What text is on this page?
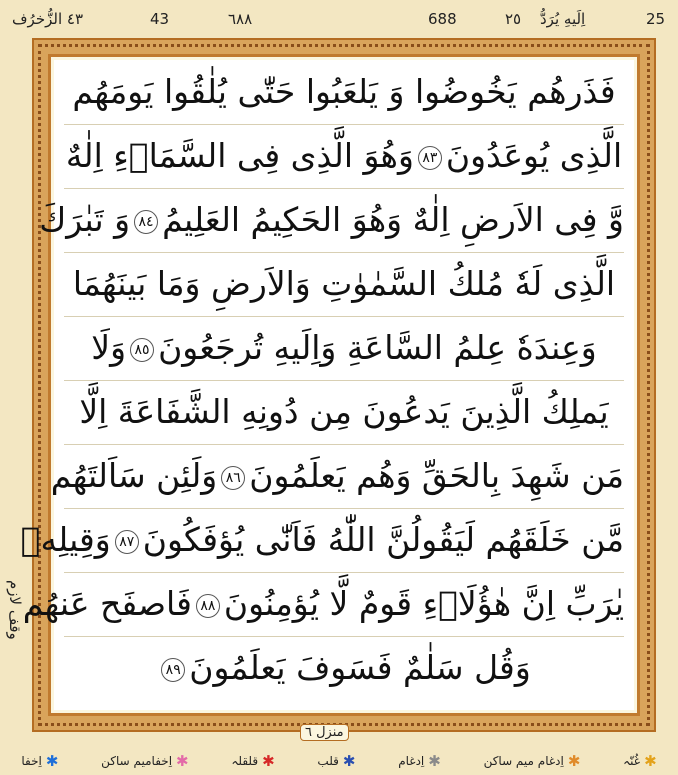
٤٣ الزُّخرُف	43	٦٨٨	688	٢٥ اِلَيهِ يُرَدُّ	25
فَذَرهُم يَخُوضُوا وَ يَلعَبُوا حَتّٰى يُلٰقُوا يَومَهُم
الَّذِى يُوعَدُونَ٨٣وَهُوَ الَّذِى فِى السَّمَاۤءِ اِلٰهٌ
وَّ فِى الاَرضِ اِلٰهٌ وَهُوَ الحَكِيمُ العَلِيمُ٨٤وَ تَبٰرَكَ
الَّذِى لَهٗ مُلكُ السَّمٰوٰتِ وَالاَرضِ وَمَا بَينَهُمَا
وَعِندَهٗ عِلمُ السَّاعَةِ وَاِلَيهِ تُرجَعُونَ٨٥وَلَا
يَملِكُ الَّذِينَ يَدعُونَ مِن دُونِهِ الشَّفَاعَةَ اِلَّا
مَن شَهِدَ بِالحَقِّ وَهُم يَعلَمُونَ٨٦وَلَئِن سَاَلتَهُم
مَّن خَلَقَهُم لَيَقُولُنَّ اللّٰهُ فَاَنّٰى يُؤفَكُونَ٨٧وَقِيلِهٖ
يٰرَبِّ اِنَّ هٰؤُلَاۤءِ قَومٌ لَّا يُؤمِنُونَ٨٨فَاصفَح عَنهُم
وَقُل سَلٰمٌ فَسَوفَ يَعلَمُونَ٨٩
وقف لازم
منزل ٦
✱
اِخفا	✱
اِخفامیم ساکن	✱
قلقلہ	✱
قلب	✱
اِدغام	✱
اِدغام میم ساکن	✱
غُنّہ
